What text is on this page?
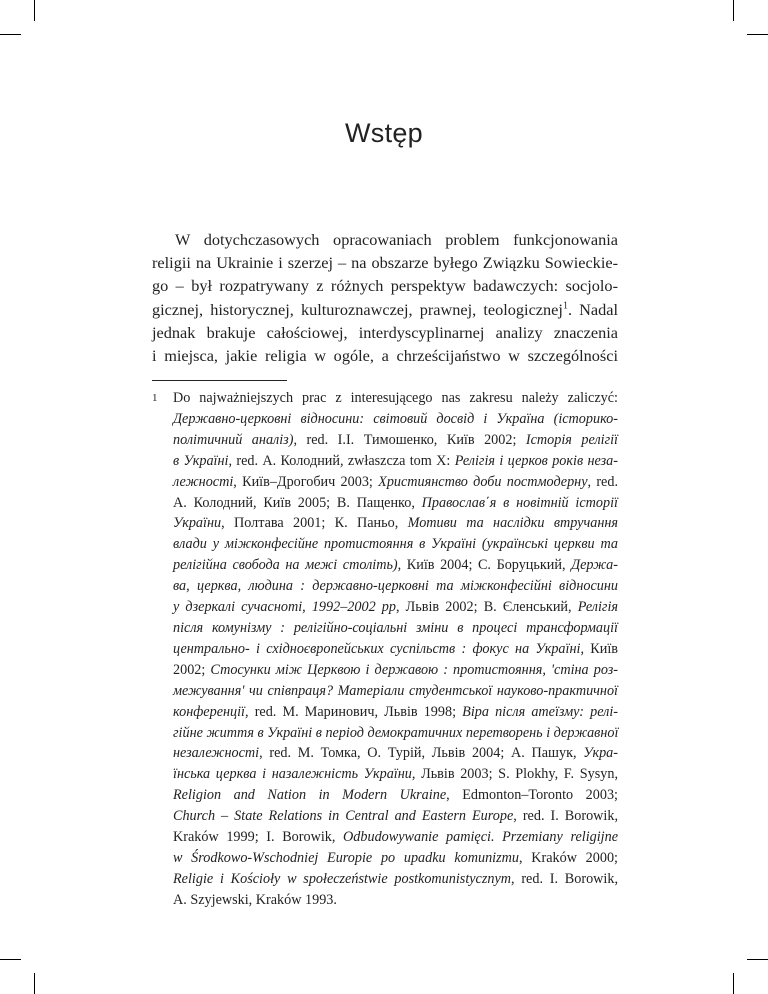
Wstęp
W dotychczasowych opracowaniach problem funkcjonowania
religii na Ukrainie i szerzej – na obszarze byłego Związku Sowieckie-
go – był rozpatrywany z różnych perspektyw badawczych: socjolo-
gicznej, historycznej, kulturoznawczej, prawnej, teologicznej$^1$. Nadal
jednak brakuje całościowej, interdyscyplinarnej analizy znaczenia
i miejsca, jakie religia w ogóle, a chrześcijaństwo w szczególności
1 Do najważniejszych prac z interesującego nas zakresu należy zaliczyć:
Державно-церковні відносини: світовий досвід і Україна (історико-
політичний аналіз), red. I.I. Тимошенко, Київ 2002; Історія релігії
в Україні, red. А. Колодний, zwłaszcza tom X: Релігія і церков років неза-
лежності, Київ–Дрогобич 2003; Християнство доби постмодерну, red.
А. Колодний, Київ 2005; В. Пащенко, Православ΄я в новітній історії
України, Полтава 2001; К. Паньо, Мотиви та наслідки втручання
влади у міжконфесійне протистояння в Україні (українські церкви та
релігійна свобода на межі століть), Київ 2004; С. Боруцький, Держа-
ва, церква, людина : державно-церковні та міжконфесійні відносини
у дзеркалі сучасноті, 1992–2002 рр, Львів 2002; В. Єленський, Релігія
після комунізму : релігійно-соціальні зміни в процесі трансформації
центрально- і східноєвропейських суспільств : фокус на Україні, Київ
2002; Стосунки між Церквою і державою : протистояння, ʹстіна роз-
межуванняʹ чи співпраця? Матеріали студентської науково-практичної
конференції, red. М. Маринович, Львів 1998; Віра після атеїзму: релі-
гійне життя в Україні в період демократичних перетворень і державної
незалежності, red. М. Томка, О. Турій, Львів 2004; А. Пашук, Укра-
їнська церква і назалежність України, Львів 2003; S. Plokhy, F. Sysyn,
Religion and Nation in Modern Ukraine, Edmonton–Toronto 2003;
Church – State Relations in Central and Eastern Europe, red. I. Borowik,
Kraków 1999; I. Borowik, Odbudowywanie pamięci. Przemiany religijne
w Środkowo-Wschodniej Europie po upadku komunizmu, Kraków 2000;
Religie i Kościoły w społeczeństwie postkomunistycznym, red. I. Borowik,
A. Szyjewski, Kraków 1993.
